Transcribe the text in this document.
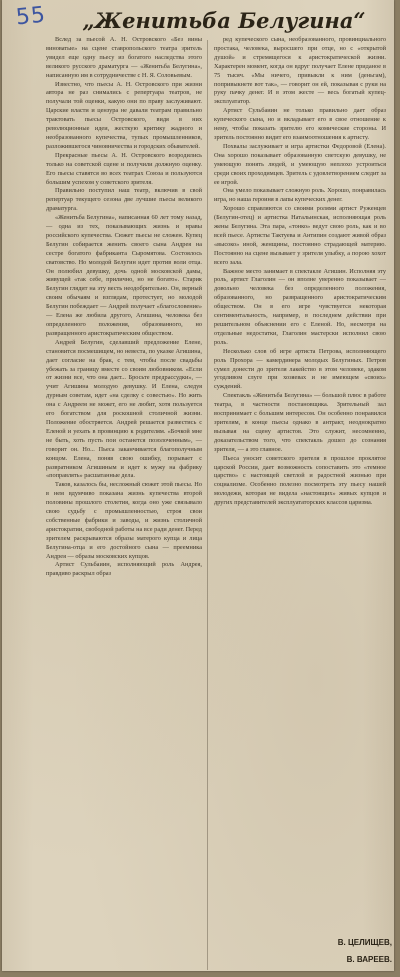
55	„Женитьба Белугина“

Вслед за пьесой А. Н. Островского «Без вины виноватые» на сцене ставропольского театра зритель увидел еще одну пьесу из богатого наследства этого великого русского драматурга — «Женитьба Белугина», написанную им в сотрудничестве с Н. Я. Соловьевым.

Известно, что пьесы А. Н. Островского при жизни автора не раз снимались с репертуара театров, не получали той оценки, какую они по праву заслуживают. Царские власти и цензура не давали театрам правильно трактовать пьесы Островского, видя в них революционные идеи, жесткую критику жадного и необразованного купечества, тупых промышленников, разложившегося чиновничества и городских обывателей.

Прекрасные пьесы А. Н. Островского возродились только на советской сцене и получили должную оценку. Его пьесы ставятся во всех театрах Союза и пользуются большим успехом у советского зрителя.

Правильно поступил наш театр, включив в свой репертуар текущего сезона две лучшие пьесы великого драматурга.

«Женитьба Белугина», написанная 60 лет тому назад, — одна из тех, показывающих жизнь и нравы российского купечества. Сюжет пьесы не сложен. Купец Белугин собирается женить своего сына Андрея на сестре богатого фабриканта Сыромятова. Состоялось сватовство. Но молодой Белугин идет против воли отца. Он полюбил девушку, дочь одной московской дамы, живущей «так себе, прилично, но не богато». Старик Белугин глядит на эту весть неодобрительно. Он, верный своим обычаям и взглядам, протестует, но молодой Белугин побеждает — Андрей получает «благословение» — Елена же любила другого, Агишина, человека без определенного положения, образованного, но развращенного аристократическим обществом.

Андрей Белугин, сделавший предложение Елене, становится посмешищем, но невеста, по указке Агишина, дает согласие на брак, с тем, чтобы после свадьбы убежать за границу вместе со своим любовником. «Если от жизни все, что она дает... Бросьте предрассудки», — учит Агишина молодую девушку. И Елена, следуя дурным советам, идет «на сделку с совестью». Но жить она с Андреем не может, его не любит, хотя пользуется его богатством для роскошной столичной жизни. Положение обостряется. Андрей решается развестись с Еленой и уехать в провинцию к родителям. «Бочкой мне не быть, хоть пусть пои останется позолоченным», — говорит он. Но... Пьеса заканчивается благополучным концом. Елена, поняв свою ошибку, порывает с развратником Агишиным и идет к мужу на фабрику «поправлять» расшатанные дела.

Таков, казалось бы, несложный сюжет этой пьесы. Но в нем вдумчиво показана жизнь купечества второй половины прошлого столетия, когда оно уже связывало свою судьбу с промышленностью, строя свои собственные фабрики и заводы, и жизнь столичной аристократии, свободной работы на все ради денег. Перед зрителем раскрываются образы матерого купца и лица Белугина-отца и его достойного сына — преемника Андрея — образы московских купцов.

Артист Сульбаиин, исполняющий роль Андрея, правдиво раскрыл образ

ред купеческого сына, необразованного, провинциального простака, человека, выросшего при отце, но с «открытой душой» и стремящегося к аристократической жизни. Характерен момент, когда он вдруг получает Елене приданое в 75 тысяч. «Мы ничего, привыкли к ним (деньгам), попривыкнете вот так», — говорит он ей, показывая с руки на руку пачку денег. И в этом жесте — весь богатый купец-эксплуататор.

Артист Сульбаиин не только правильно дает образ купеческого сына, но и вкладывает его в свое отношение к нему, чтобы показать зрителю его комические стороны. И зритель постоянно видит его взаимоотношения к артисту.

Похвалы заслуживает и игра артистки Федоровой (Елена). Она хорошо показывает образованную светскую девушку, не умеющую понять людей, и умеющую неплохо устроиться среди своих проходимцев. Зритель с удовлетворением следит за ее игрой.

Она умело показывает сложную роль. Хорошо, понравилась игра, но наша героиня в лапы купеческих денег.

Хорошо справляются со своими ролями артист Руженцев (Белугин-отец) и артистка Натальинская, исполняющая роль жены Белугина. Эта пара, «тонко» ведут свою роль, как и во всей пьесе. Артисты Тактуева и Антипин создают живой образ «высоко» иной, женщины, постоянно страдающей материю. Постоянно на сцене вызывает у зрителя улыбку, а порою хохот всего зала.

Важное место занимает в спектакле Агишин. Исполняя эту роль, артист Глаголин — он вполне уверенно показывает — довольно человека без определенного положения, образованного, но развращенного аристократическим обществом. Он в его игре чувствуется некоторая сентиментальность, например, в последнем действии при решительном объяснении его с Еленой. Но, несмотря на отдельные недостатки, Глаголин мастерски исполнил свою роль.

Несколько слов об игре артиста Петрова, исполняющего роль Прохора — камердинера молодых Белугиных. Петров сумел донести до зрителя лакейство в этом человеке, эдаком угодливом слуге при хозяевах и не имеющем «своих» суждений.

Спектакль «Женитьба Белугина» — большой плюс в работе театра, в частности постановщика. Зрительный зал воспринимает с большим интересом. Он особенно понравился зрителям, в конце пьесы однако в антракт, неоднократно вызывая на сцену артистов. Это служит, несомненно, доказательством того, что спектакль дошел до сознания зрителя, — а это главное.

Пьеса уносит советского зрителя в прошлое проклятое царской России, дает возможность сопоставить это «темное царство» с настоящей светлой и радостной жизнью при социализме. Особенно полезно посмотреть эту пьесу нашей молодежи, которая не видела «настоящих» живых купцов и других представителей эксплуататорских классов царизма.

В. ЦЕЛИЩЕВ,
В. ВАРЕЕВ.
